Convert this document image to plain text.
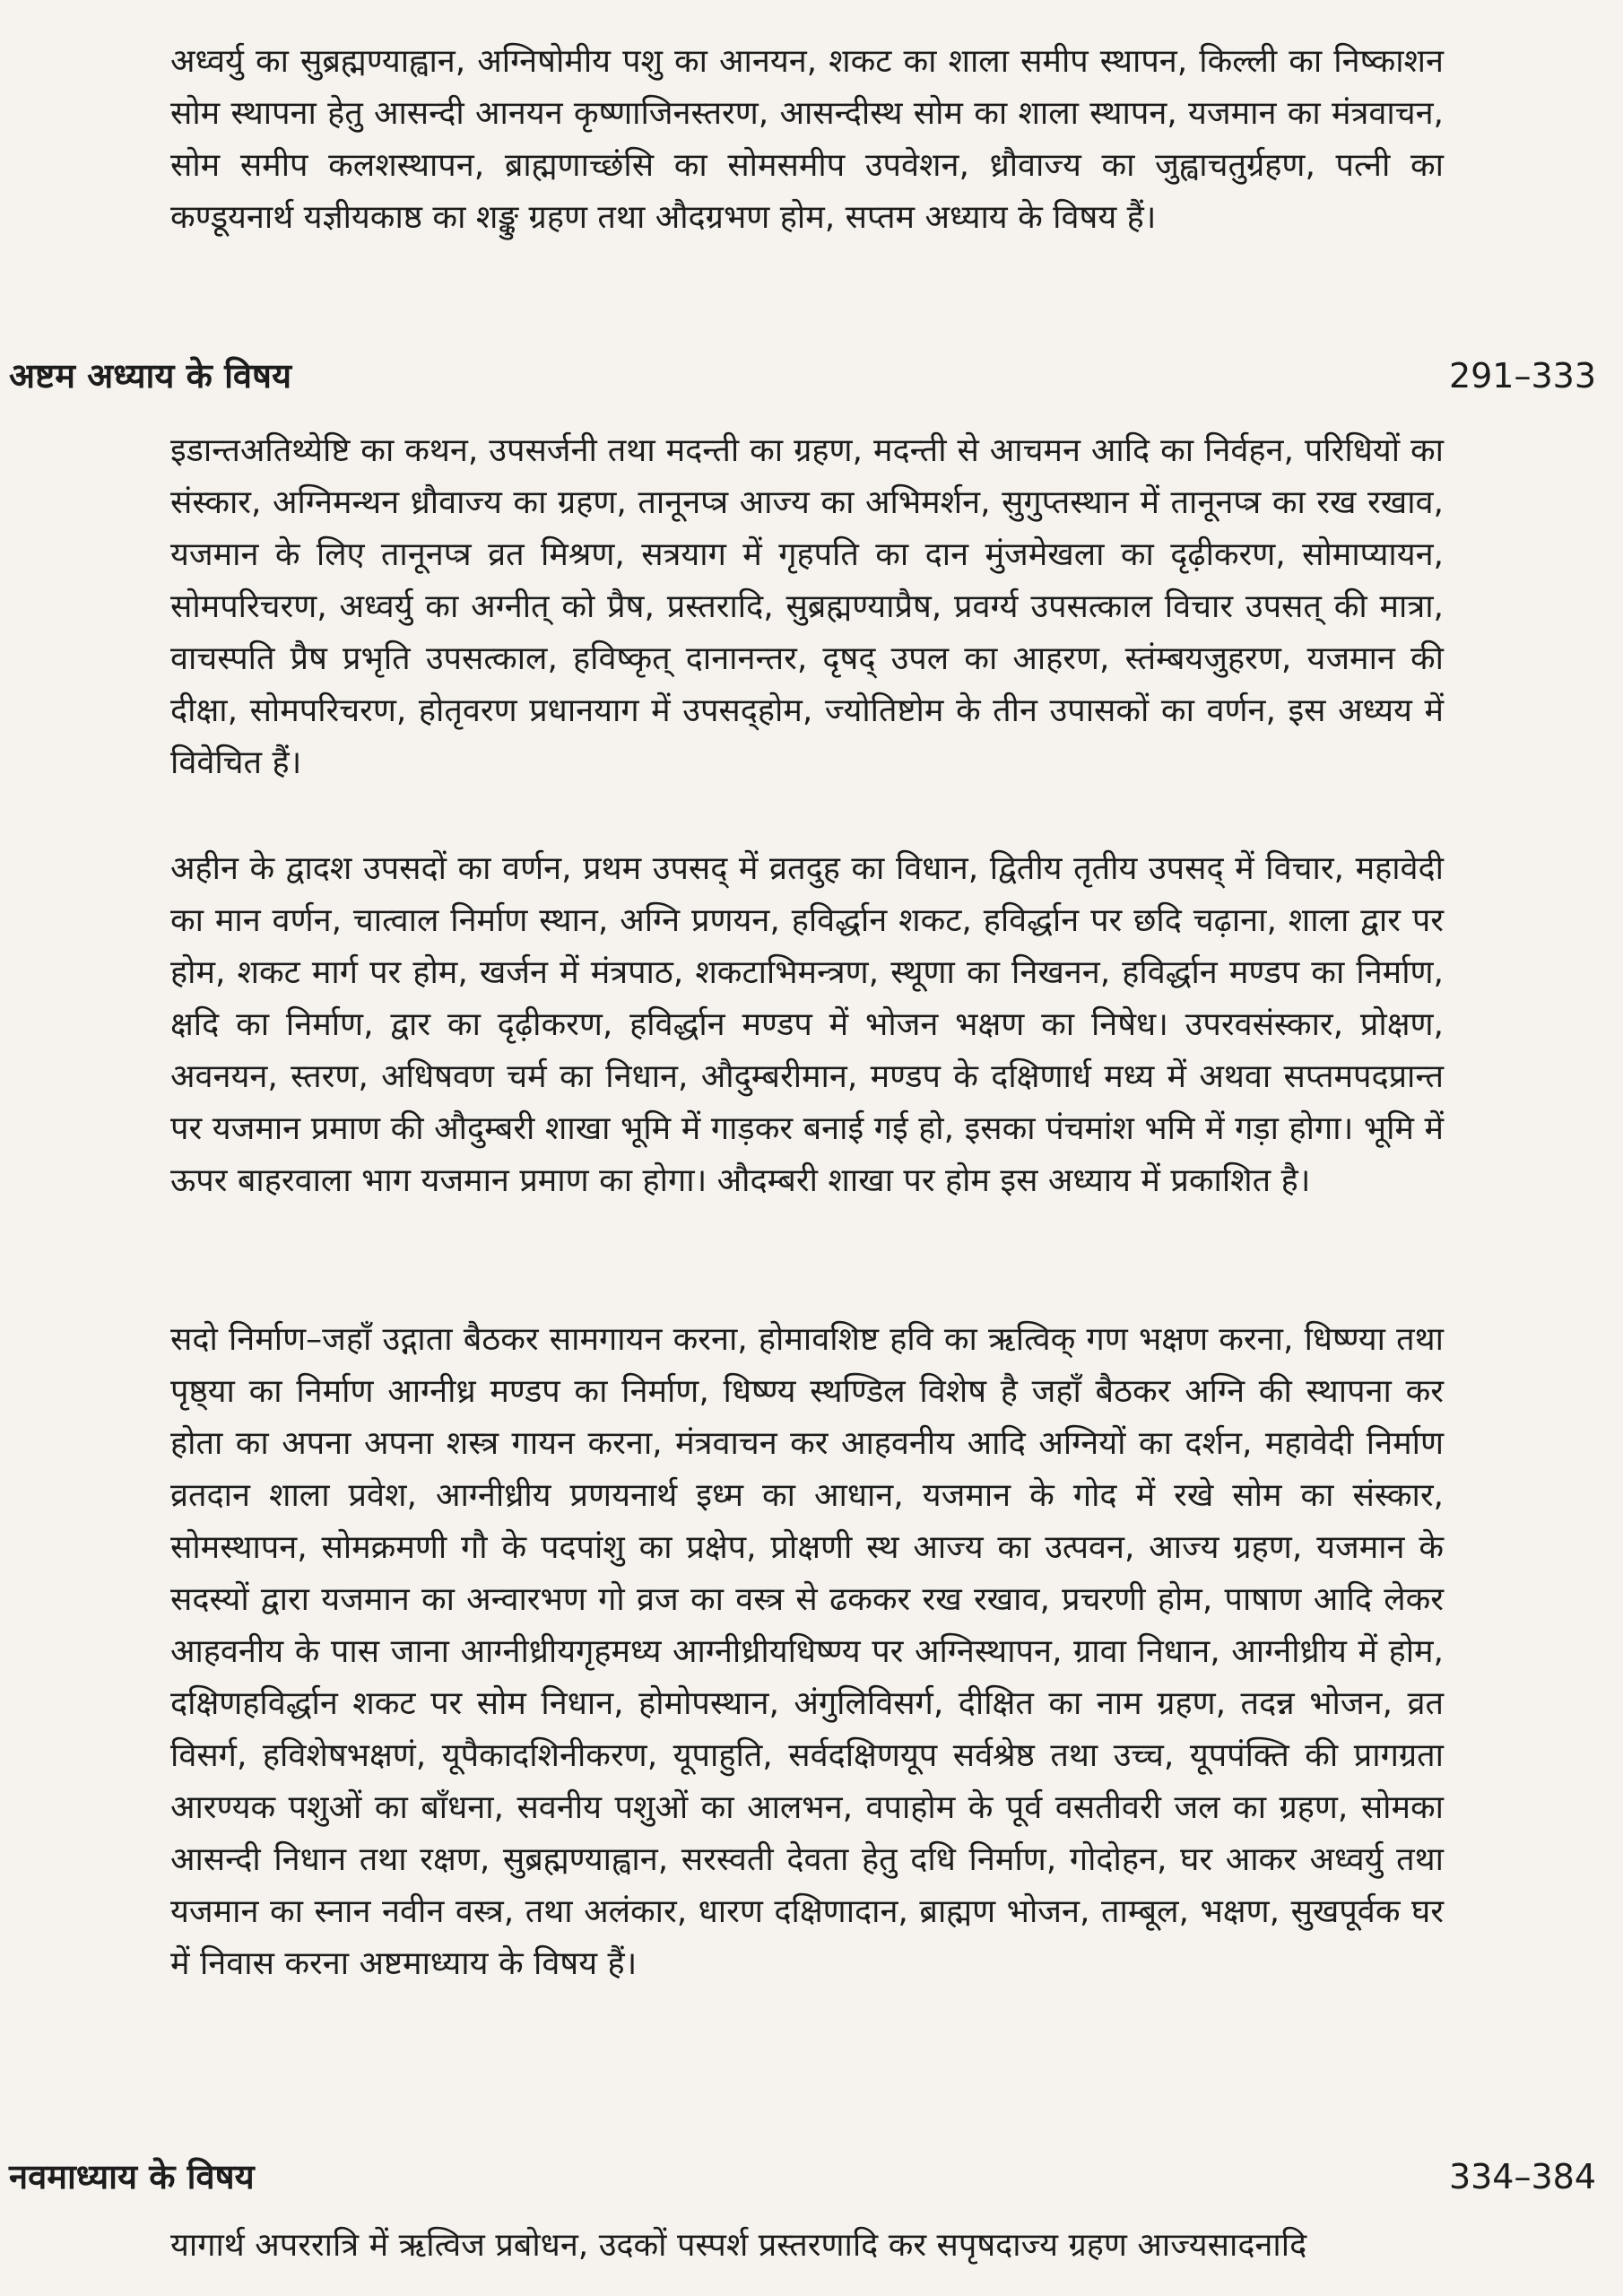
अध्वर्यु का सुब्रह्मण्याह्वान, अग्निषोमीय पशु का आनयन, शकट का शाला समीप स्थापन, किल्ली का निष्काशन सोम स्थापना हेतु आसन्दी आनयन कृष्णाजिनस्तरण, आसन्दीस्थ सोम का शाला स्थापन, यजमान का मंत्रवाचन, सोम समीप कलशस्थापन, ब्राह्मणाच्छंसि का सोमसमीप उपवेशन, ध्रौवाज्य का जुह्वाचतुर्ग्रहण, पत्नी का कण्डूयनार्थ यज्ञीयकाष्ठ का शङ्कु ग्रहण तथा औदग्रभण होम, सप्तम अध्याय के विषय हैं।

अष्टम अध्याय के विषय	291–333

इडान्तअतिथ्येष्टि का कथन, उपसर्जनी तथा मदन्ती का ग्रहण, मदन्ती से आचमन आदि का निर्वहन, परिधियों का संस्कार, अग्निमन्थन ध्रौवाज्य का ग्रहण, तानूनप्त्र आज्य का अभिमर्शन, सुगुप्तस्थान में तानूनप्त्र का रख रखाव, यजमान के लिए तानूनप्त्र व्रत मिश्रण, सत्रयाग में गृहपति का दान मुंजमेखला का दृढ़ीकरण, सोमाप्यायन, सोमपरिचरण, अध्वर्यु का अग्नीत् को प्रैष, प्रस्तरादि, सुब्रह्मण्याप्रैष, प्रवर्ग्य उपसत्काल विचार उपसत् की मात्रा, वाचस्पति प्रैष प्रभृति उपसत्काल, हविष्कृत् दानानन्तर, दृषद् उपल का आहरण, स्तंम्बयजुहरण, यजमान की दीक्षा, सोमपरिचरण, होतृवरण प्रधानयाग में उपसद्होम, ज्योतिष्टोम के तीन उपासकों का वर्णन, इस अध्यय में विवेचित हैं।

अहीन के द्वादश उपसदों का वर्णन, प्रथम उपसद् में व्रतदुह का विधान, द्वितीय तृतीय उपसद् में विचार, महावेदी का मान वर्णन, चात्वाल निर्माण स्थान, अग्नि प्रणयन, हविर्द्धान शकट, हविर्द्धान पर छदि चढ़ाना, शाला द्वार पर होम, शकट मार्ग पर होम, खर्जन में मंत्रपाठ, शकटाभिमन्त्रण, स्थूणा का निखनन, हविर्द्धान मण्डप का निर्माण, क्षदि का निर्माण, द्वार का दृढ़ीकरण, हविर्द्धान मण्डप में भोजन भक्षण का निषेध। उपरवसंस्कार, प्रोक्षण, अवनयन, स्तरण, अधिषवण चर्म का निधान, औदुम्बरीमान, मण्डप के दक्षिणार्ध मध्य में अथवा सप्तमपदप्रान्त पर यजमान प्रमाण की औदुम्बरी शाखा भूमि में गाड़कर बनाई गई हो, इसका पंचमांश भमि में गड़ा होगा। भूमि में ऊपर बाहरवाला भाग यजमान प्रमाण का होगा। औदम्बरी शाखा पर होम इस अध्याय में प्रकाशित है।

सदो निर्माण–जहाँ उद्गाता बैठकर सामगायन करना, होमावशिष्ट हवि का ऋत्विक् गण भक्षण करना, धिष्ण्या तथा पृष्ठ्या का निर्माण आग्नीध्र मण्डप का निर्माण, धिष्ण्य स्थण्डिल विशेष है जहाँ बैठकर अग्नि की स्थापना कर होता का अपना अपना शस्त्र गायन करना, मंत्रवाचन कर आहवनीय आदि अग्नियों का दर्शन, महावेदी निर्माण व्रतदान शाला प्रवेश, आग्नीध्रीय प्रणयनार्थ इध्म का आधान, यजमान के गोद में रखे सोम का संस्कार, सोमस्थापन, सोमक्रमणी गौ के पदपांशु का प्रक्षेप, प्रोक्षणी स्थ आज्य का उत्पवन, आज्य ग्रहण, यजमान के सदस्यों द्वारा यजमान का अन्वारभण गो व्रज का वस्त्र से ढककर रख रखाव, प्रचरणी होम, पाषाण आदि लेकर आहवनीय के पास जाना आग्नीध्रीयगृहमध्य आग्नीध्रीयधिष्ण्य पर अग्निस्थापन, ग्रावा निधान, आग्नीध्रीय में होम, दक्षिणहविर्द्धान शकट पर सोम निधान, होमोपस्थान, अंगुलिविसर्ग, दीक्षित का नाम ग्रहण, तदन्न भोजन, व्रत विसर्ग, हविशेषभक्षणं, यूपैकादशिनीकरण, यूपाहुति, सर्वदक्षिणयूप सर्वश्रेष्ठ तथा उच्च, यूपपंक्ति की प्रागग्रता आरण्यक पशुओं का बाँधना, सवनीय पशुओं का आलभन, वपाहोम के पूर्व वसतीवरी जल का ग्रहण, सोमका आसन्दी निधान तथा रक्षण, सुब्रह्मण्याह्वान, सरस्वती देवता हेतु दधि निर्माण, गोदोहन, घर आकर अध्वर्यु तथा यजमान का स्नान नवीन वस्त्र, तथा अलंकार, धारण दक्षिणादान, ब्राह्मण भोजन, ताम्बूल, भक्षण, सुखपूर्वक घर में निवास करना अष्टमाध्याय के विषय हैं।

नवमाध्याय के विषय	334–384

यागार्थ अपररात्रि में ऋत्विज प्रबोधन, उदकों पस्पर्श प्रस्तरणादि कर सपृषदाज्य ग्रहण आज्यसादनादि
